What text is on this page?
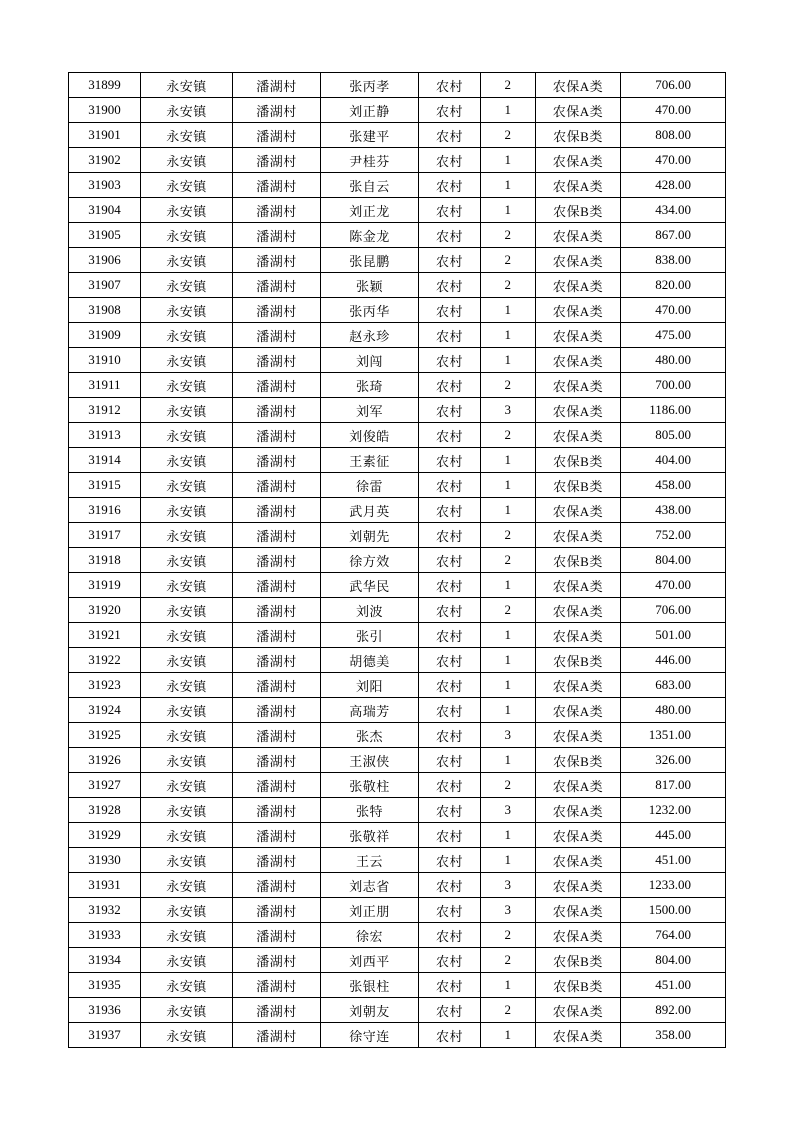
31899	永安镇	潘湖村	张丙孝	农村	2	农保A类	706.00
31900	永安镇	潘湖村	刘正静	农村	1	农保A类	470.00
31901	永安镇	潘湖村	张建平	农村	2	农保B类	808.00
31902	永安镇	潘湖村	尹桂芬	农村	1	农保A类	470.00
31903	永安镇	潘湖村	张自云	农村	1	农保A类	428.00
31904	永安镇	潘湖村	刘正龙	农村	1	农保B类	434.00
31905	永安镇	潘湖村	陈金龙	农村	2	农保A类	867.00
31906	永安镇	潘湖村	张昆鹏	农村	2	农保A类	838.00
31907	永安镇	潘湖村	张颖	农村	2	农保A类	820.00
31908	永安镇	潘湖村	张丙华	农村	1	农保A类	470.00
31909	永安镇	潘湖村	赵永珍	农村	1	农保A类	475.00
31910	永安镇	潘湖村	刘闯	农村	1	农保A类	480.00
31911	永安镇	潘湖村	张琦	农村	2	农保A类	700.00
31912	永安镇	潘湖村	刘军	农村	3	农保A类	1186.00
31913	永安镇	潘湖村	刘俊皓	农村	2	农保A类	805.00
31914	永安镇	潘湖村	王素征	农村	1	农保B类	404.00
31915	永安镇	潘湖村	徐雷	农村	1	农保B类	458.00
31916	永安镇	潘湖村	武月英	农村	1	农保A类	438.00
31917	永安镇	潘湖村	刘朝先	农村	2	农保A类	752.00
31918	永安镇	潘湖村	徐方效	农村	2	农保B类	804.00
31919	永安镇	潘湖村	武华民	农村	1	农保A类	470.00
31920	永安镇	潘湖村	刘波	农村	2	农保A类	706.00
31921	永安镇	潘湖村	张引	农村	1	农保A类	501.00
31922	永安镇	潘湖村	胡德美	农村	1	农保B类	446.00
31923	永安镇	潘湖村	刘阳	农村	1	农保A类	683.00
31924	永安镇	潘湖村	高瑞芳	农村	1	农保A类	480.00
31925	永安镇	潘湖村	张杰	农村	3	农保A类	1351.00
31926	永安镇	潘湖村	王淑侠	农村	1	农保B类	326.00
31927	永安镇	潘湖村	张敬柱	农村	2	农保A类	817.00
31928	永安镇	潘湖村	张特	农村	3	农保A类	1232.00
31929	永安镇	潘湖村	张敬祥	农村	1	农保A类	445.00
31930	永安镇	潘湖村	王云	农村	1	农保A类	451.00
31931	永安镇	潘湖村	刘志省	农村	3	农保A类	1233.00
31932	永安镇	潘湖村	刘正朋	农村	3	农保A类	1500.00
31933	永安镇	潘湖村	徐宏	农村	2	农保A类	764.00
31934	永安镇	潘湖村	刘西平	农村	2	农保B类	804.00
31935	永安镇	潘湖村	张银柱	农村	1	农保B类	451.00
31936	永安镇	潘湖村	刘朝友	农村	2	农保A类	892.00
31937	永安镇	潘湖村	徐守连	农村	1	农保A类	358.00
